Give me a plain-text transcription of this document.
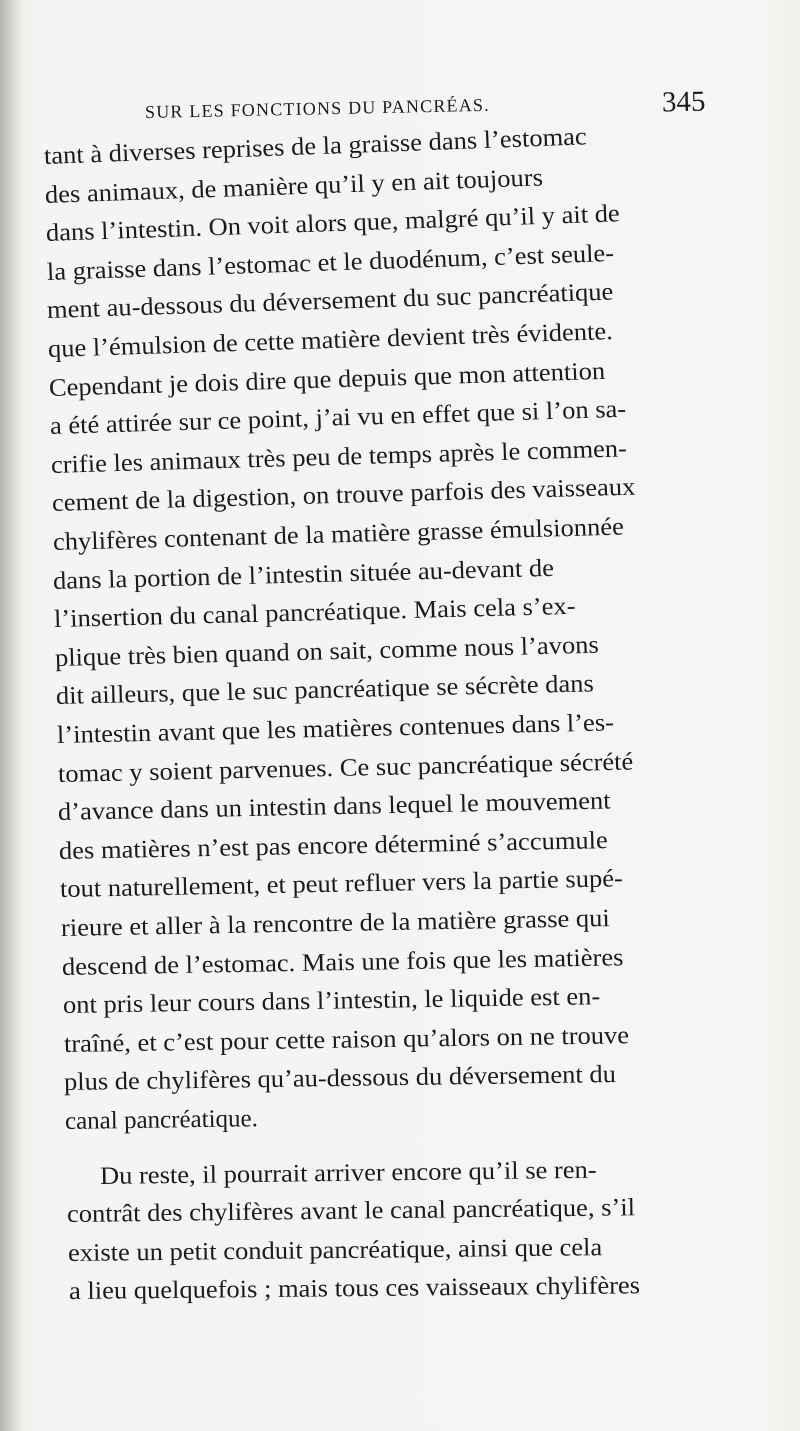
SUR LES FONCTIONS DU PANCRÉAS.	345
tant à diverses reprises de la graisse dans l’estomac
des animaux, de manière qu’il y en ait toujours
dans l’intestin. On voit alors que, malgré qu’il y ait de
la graisse dans l’estomac et le duodénum, c’est seule-
ment au-dessous du déversement du suc pancréatique
que l’émulsion de cette matière devient très évidente.
Cependant je dois dire que depuis que mon attention
a été attirée sur ce point, j’ai vu en effet que si l’on sa-
crifie les animaux très peu de temps après le commen-
cement de la digestion, on trouve parfois des vaisseaux
chylifères contenant de la matière grasse émulsionnée
dans la portion de l’intestin située au-devant de
l’insertion du canal pancréatique. Mais cela s’ex-
plique très bien quand on sait, comme nous l’avons
dit ailleurs, que le suc pancréatique se sécrète dans
l’intestin avant que les matières contenues dans l’es-
tomac y soient parvenues. Ce suc pancréatique sécrété
d’avance dans un intestin dans lequel le mouvement
des matières n’est pas encore déterminé s’accumule
tout naturellement, et peut refluer vers la partie supé-
rieure et aller à la rencontre de la matière grasse qui
descend de l’estomac. Mais une fois que les matières
ont pris leur cours dans l’intestin, le liquide est en-
traîné, et c’est pour cette raison qu’alors on ne trouve
plus de chylifères qu’au-dessous du déversement du
canal pancréatique.
Du reste, il pourrait arriver encore qu’il se ren-
contrât des chylifères avant le canal pancréatique, s’il
existe un petit conduit pancréatique, ainsi que cela
a lieu quelquefois ; mais tous ces vaisseaux chylifères
